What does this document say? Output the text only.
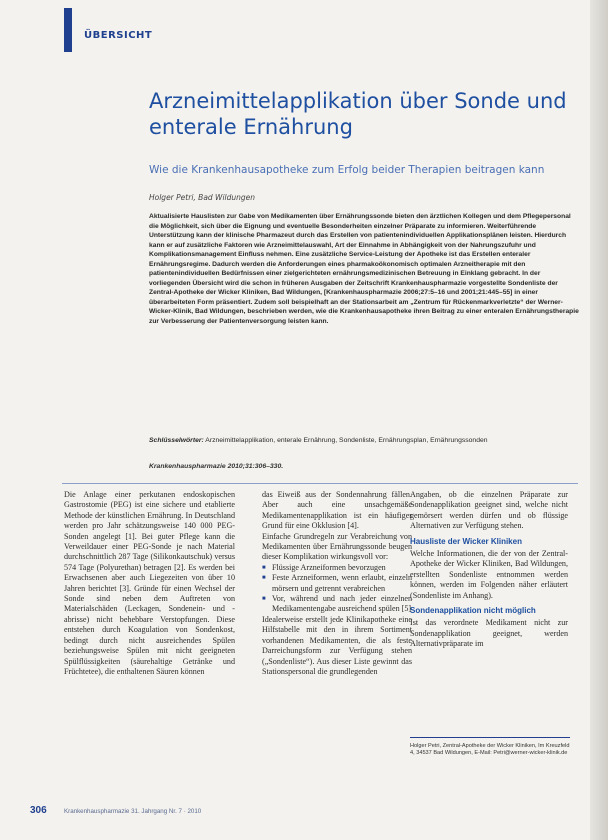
ÜBERSICHT
Arzneimittelapplikation über Sonde und enterale Ernährung
Wie die Krankenhausapotheke zum Erfolg beider Therapien beitragen kann
Holger Petri, Bad Wildungen
Aktualisierte Hauslisten zur Gabe von Medikamenten über Ernährungssonde bieten den ärztlichen Kollegen und dem Pflegepersonal die Möglichkeit, sich über die Eignung und eventuelle Besonderheiten einzelner Präparate zu informieren. Weiterführende Unterstützung kann der klinische Pharmazeut durch das Erstellen von patientenindividuellen Applikationsplänen leisten. Hierdurch kann er auf zusätzliche Faktoren wie Arzneimittelauswahl, Art der Einnahme in Abhängigkeit von der Nahrungszufuhr und Komplikationsmanagement Einfluss nehmen. Eine zusätzliche Service-Leistung der Apotheke ist das Erstellen enteraler Ernährungsregime. Dadurch werden die Anforderungen eines pharmakoökonomisch optimalen Arzneitherapie mit den patientenindividuellen Bedürfnissen einer zielgerichteten ernährungsmedizinischen Betreuung in Einklang gebracht. In der vorliegenden Übersicht wird die schon in früheren Ausgaben der Zeitschrift Krankenhauspharmazie vorgestellte Sondenliste der Zentral-Apotheke der Wicker Kliniken, Bad Wildungen, [Krankenhauspharmazie 2006;27:5–16 und 2001;21:445–55] in einer überarbeiteten Form präsentiert. Zudem soll beispielhaft an der Stationsarbeit am „Zentrum für Rückenmarkverletzte“ der Werner-Wicker-Klinik, Bad Wildungen, beschrieben werden, wie die Krankenhausapotheke ihren Beitrag zu einer enteralen Ernährungstherapie zur Verbesserung der Patientenversorgung leisten kann.
Schlüsselwörter: Arzneimittelapplikation, enterale Ernährung, Sondenliste, Ernährungsplan, Ernährungssonden
Krankenhauspharmazie 2010;31:306–330.

Die Anlage einer perkutanen endoskopischen Gastrostomie (PEG) ist eine sichere und etablierte Methode der künstlichen Ernährung. In Deutschland werden pro Jahr schätzungsweise 140 000 PEG-Sonden angelegt [1]. Bei guter Pflege kann die Verweildauer einer PEG-Sonde je nach Material durchschnittlich 287 Tage (Silikonkautschuk) versus 574 Tage (Polyurethan) betragen [2]. Es werden bei Erwachsenen aber auch Liegezeiten von über 10 Jahren berichtet [3]. Gründe für einen Wechsel der Sonde sind neben dem Auftreten von Materialschäden (Leckagen, Sondenein- und -abrisse) nicht behebbare Verstopfungen. Diese entstehen durch Koagulation von Sondenkost, bedingt durch nicht ausreichendes Spülen beziehungsweise Spülen mit nicht geeigneten Spülflüssigkeiten (säurehaltige Getränke und Früchtetee), die enthaltenen Säuren können

das Eiweiß aus der Sondennahrung fällen. Aber auch eine unsachgemäße Medikamentenapplikation ist ein häufiger Grund für eine Okklusion [4].

Einfache Grundregeln zur Verabreichung von Medikamenten über Ernährungssonde beugen dieser Komplikation wirkungsvoll vor:

■ Flüssige Arzneiformen bevorzugen
■ Feste Arzneiformen, wenn erlaubt, einzeln mörsern und getrennt verabreichen
■ Vor, während und nach jeder einzelnen Medikamentengabe ausreichend spülen [5]

Idealerweise erstellt jede Klinikapotheke eine Hilfstabelle mit den in ihrem Sortiment vorhandenen Medikamenten, die als feste Darreichungsform zur Verfügung stehen („Sondenliste“). Aus dieser Liste gewinnt das Stationspersonal die grundlegenden

Angaben, ob die einzelnen Präparate zur Sondenapplikation geeignet sind, welche nicht gemörsert werden dürfen und ob flüssige Alternativen zur Verfügung stehen.

Hausliste der Wicker Kliniken

Welche Informationen, die der von der Zentral-Apotheke der Wicker Kliniken, Bad Wildungen, erstellten Sondenliste entnommen werden können, werden im Folgenden näher erläutert (Sondenliste im Anhang).

Sondenapplikation nicht möglich

Ist das verordnete Medikament nicht zur Sondenapplikation geeignet, werden Alternativpräparate im

Holger Petri, Zentral-Apotheke der Wicker Kliniken, Im Kreuzfeld 4, 34537 Bad Wildungen, E-Mail: Petri@werner-wicker-klinik.de
306	Krankenhauspharmazie 31. Jahrgang Nr. 7 · 2010
